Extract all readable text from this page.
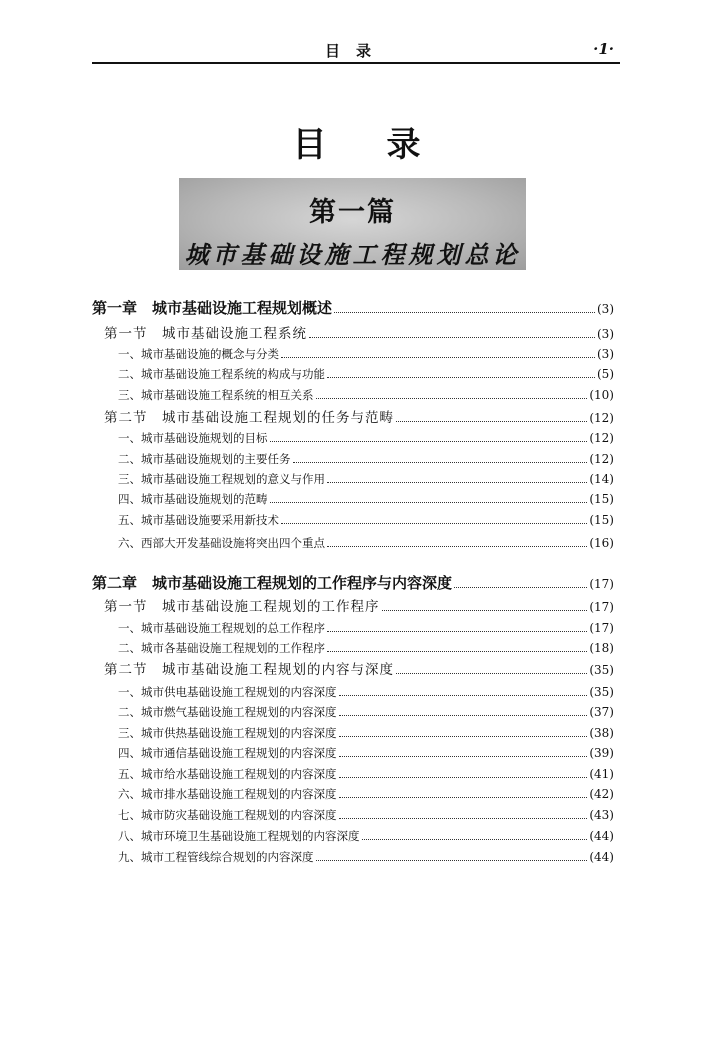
目录	·1·
目录
第一篇
城市基础设施工程规划总论
第一章　城市基础设施工程规划概述	(3)
第一节　城市基础设施工程系统	(3)
一、城市基础设施的概念与分类	(3)
二、城市基础设施工程系统的构成与功能	(5)
三、城市基础设施工程系统的相互关系	(10)
第二节　城市基础设施工程规划的任务与范畴	(12)
一、城市基础设施规划的目标	(12)
二、城市基础设施规划的主要任务	(12)
三、城市基础设施工程规划的意义与作用	(14)
四、城市基础设施规划的范畴	(15)
五、城市基础设施要采用新技术	(15)
六、西部大开发基础设施将突出四个重点	(16)
第二章　城市基础设施工程规划的工作程序与内容深度	(17)
第一节　城市基础设施工程规划的工作程序	(17)
一、城市基础设施工程规划的总工作程序	(17)
二、城市各基础设施工程规划的工作程序	(18)
第二节　城市基础设施工程规划的内容与深度	(35)
一、城市供电基础设施工程规划的内容深度	(35)
二、城市燃气基础设施工程规划的内容深度	(37)
三、城市供热基础设施工程规划的内容深度	(38)
四、城市通信基础设施工程规划的内容深度	(39)
五、城市给水基础设施工程规划的内容深度	(41)
六、城市排水基础设施工程规划的内容深度	(42)
七、城市防灾基础设施工程规划的内容深度	(43)
八、城市环境卫生基础设施工程规划的内容深度	(44)
九、城市工程管线综合规划的内容深度	(44)
